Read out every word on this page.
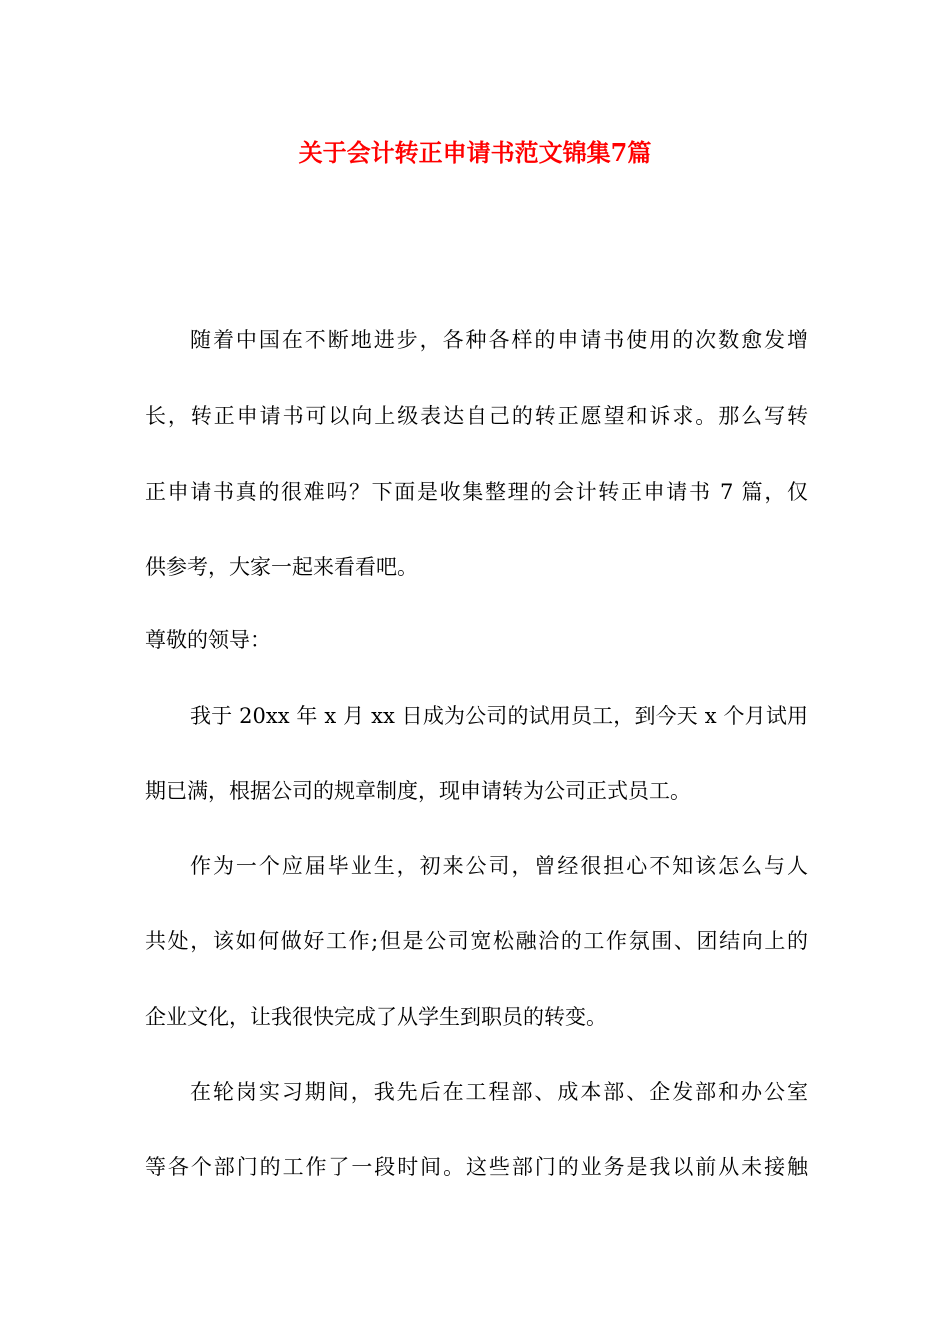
关于会计转正申请书范文锦集7篇
随着中国在不断地进步，各种各样的申请书使用的次数愈发增
长，转正申请书可以向上级表达自己的转正愿望和诉求。那么写转
正申请书真的很难吗？下面是收集整理的会计转正申请书 7 篇，仅
供参考，大家一起来看看吧。
尊敬的领导：
我于 20xx 年 x 月 xx 日成为公司的试用员工，到今天 x 个月试用
期已满，根据公司的规章制度，现申请转为公司正式员工。
作为一个应届毕业生，初来公司，曾经很担心不知该怎么与人
共处，该如何做好工作;但是公司宽松融洽的工作氛围、团结向上的
企业文化，让我很快完成了从学生到职员的转变。
在轮岗实习期间，我先后在工程部、成本部、企发部和办公室
等各个部门的工作了一段时间。这些部门的业务是我以前从未接触
